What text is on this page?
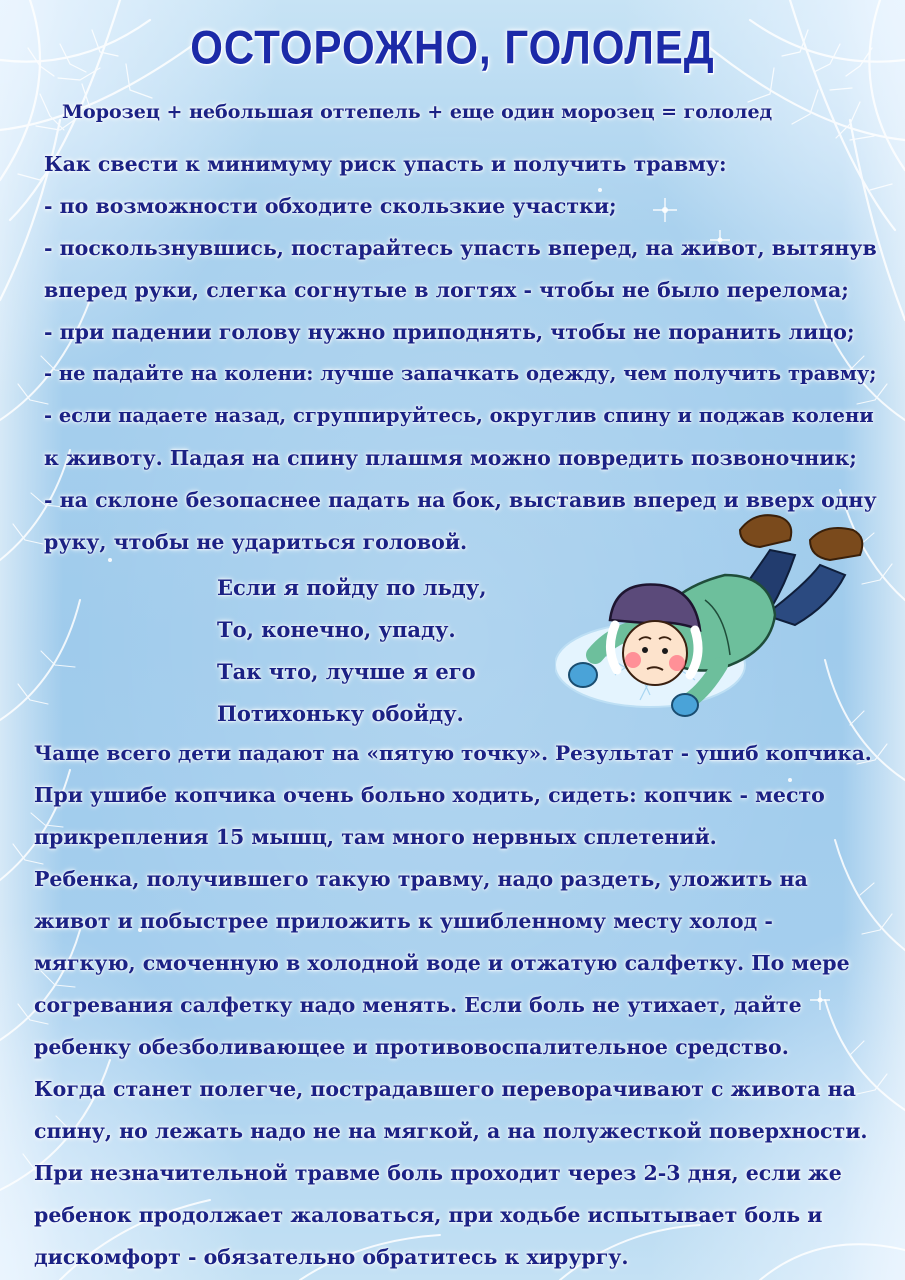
ОСТОРОЖНО, ГОЛОЛЕД
Морозец + небольшая оттепель + еще один морозец = гололед
Как свести к минимуму риск упасть и получить травму:
- по возможности обходите скользкие участки;
- поскользнувшись, постарайтесь упасть вперед, на живот, вытянув
вперед руки, слегка согнутые в логтях - чтобы не было перелома;
- при падении голову нужно приподнять, чтобы не поранить лицо;
- не падайте на колени: лучше запачкать одежду, чем получить травму;
- если падаете назад, сгруппируйтесь, округлив спину и поджав колени
к животу. Падая на спину плашмя можно повредить позвоночник;
- на склоне безопаснее падать на бок, выставив вперед и вверх одну
руку, чтобы не удариться головой.
Если я пойду по льду,
То, конечно, упаду.
Так что, лучше я его
Потихоньку обойду.
Чаще всего дети падают на «пятую точку». Результат - ушиб копчика.
При ушибе копчика очень больно ходить, сидеть: копчик - место
прикрепления 15 мышц, там много нервных сплетений.
Ребенка, получившего такую травму, надо раздеть, уложить на
живот и побыстрее приложить к ушибленному месту холод -
мягкую, смоченную в холодной воде и отжатую салфетку. По мере
согревания салфетку надо менять. Если боль не утихает, дайте
ребенку обезболивающее и противовоспалительное средство.
Когда станет полегче, пострадавшего переворачивают с живота на
спину, но лежать надо не на мягкой, а на полужесткой поверхности.
При незначительной травме боль проходит через 2-3 дня, если же
ребенок продолжает жаловаться, при ходьбе испытывает боль и
дискомфорт - обязательно обратитесь к хирургу.
